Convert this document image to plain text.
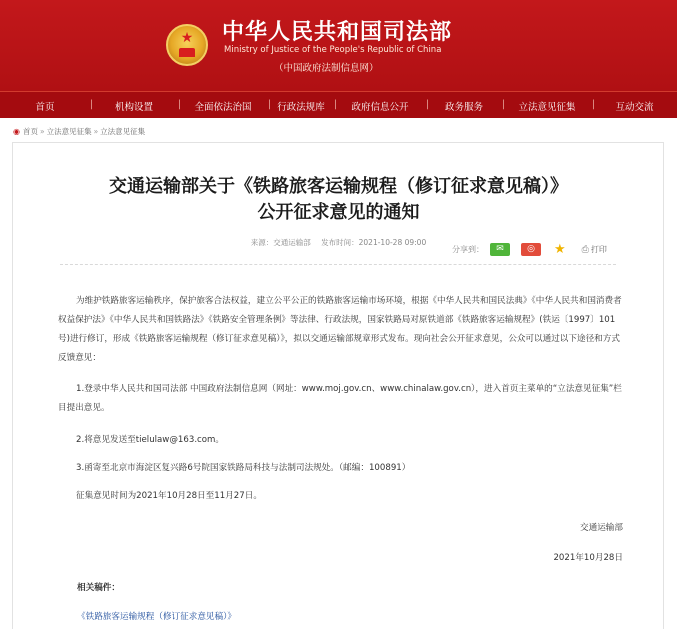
★	中华人民共和国司法部
Ministry of Justice of the People's Republic of China
（中国政府法制信息网）
首页	| 机构设置	| 全面依法治国	| 行政法规库	| 政府信息公开	| 政务服务	| 立法意见征集	| 互动交流
◉ 首页 » 立法意见征集 » 立法意见征集
交通运输部关于《铁路旅客运输规程（修订征求意见稿）》
公开征求意见的通知
来源：交通运输部 发布时间：2021-10-28 09:00
分享到：	✉	◎	★ ⎙ 打印
为维护铁路旅客运输秩序，保护旅客合法权益，建立公平公正的铁路旅客运输市场环境，根据《中华人民共和国民法典》《中华人民共和国消费者权益保护法》《中华人民共和国铁路法》《铁路安全管理条例》等法律、行政法规，国家铁路局对原铁道部《铁路旅客运输规程》(铁运〔1997〕101号)进行修订，形成《铁路旅客运输规程（修订征求意见稿）》，拟以交通运输部规章形式发布。现向社会公开征求意见，公众可以通过以下途径和方式反馈意见：
1.登录中华人民共和国司法部 中国政府法制信息网（网址：www.moj.gov.cn、www.chinalaw.gov.cn），进入首页主菜单的“立法意见征集”栏目提出意见。
2.将意见发送至tielulaw@163.com。
3.函寄至北京市海淀区复兴路6号院国家铁路局科技与法制司法规处。（邮编：100891）
征集意见时间为2021年10月28日至11月27日。
交通运输部
2021年10月28日
相关稿件：
《铁路旅客运输规程（修订征求意见稿）》
